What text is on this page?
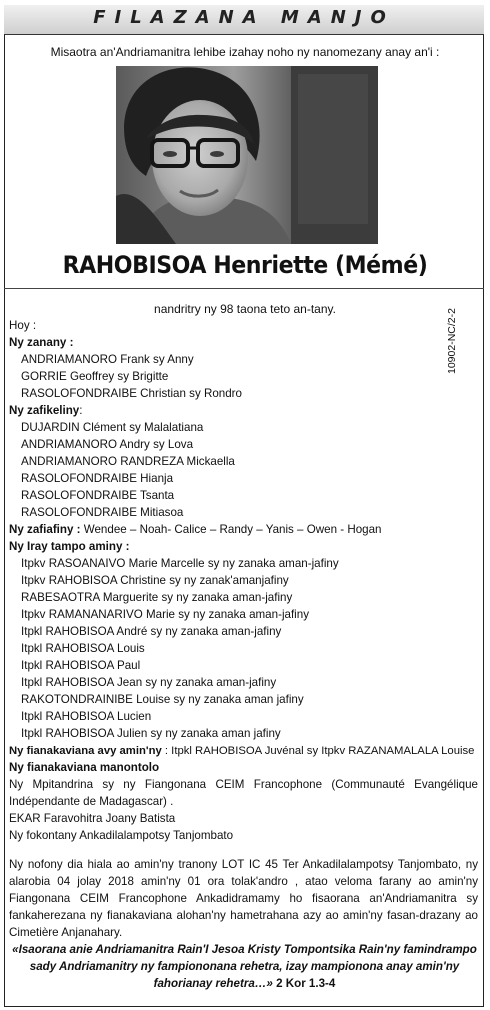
FILAZANA MANJO
Misaotra an'Andriamanitra lehibe izahay noho ny nanomezany anay an'i :
RAHOBISOA Henriette (Mémé)
nandritry ny 98 taona teto an-tany.	10902-NC/2-2
Hoy :
Ny zanany :
ANDRIAMANORO Frank sy Anny
GORRIE Geoffrey sy Brigitte
RASOLOFONDRAIBE Christian sy Rondro
Ny zafikeliny:
DUJARDIN Clément sy Malalatiana
ANDRIAMANORO Andry sy Lova
ANDRIAMANORO RANDREZA Mickaella
RASOLOFONDRAIBE Hianja
RASOLOFONDRAIBE Tsanta
RASOLOFONDRAIBE Mitiasoa
Ny zafiafiny : Wendee – Noah- Calice – Randy – Yanis – Owen - Hogan
Ny Iray tampo aminy :
Itpkv RASOANAIVO Marie Marcelle sy ny zanaka aman-jafiny
Itpkv RAHOBISOA Christine sy ny zanak'amanjafiny
RABESAOTRA Marguerite sy ny zanaka aman-jafiny
Itpkv RAMANANARIVO Marie sy ny zanaka aman-jafiny
Itpkl RAHOBISOA André sy ny zanaka aman-jafiny
Itpkl RAHOBISOA Louis
Itpkl RAHOBISOA Paul
Itpkl RAHOBISOA Jean sy ny zanaka aman-jafiny
RAKOTONDRAINIBE Louise sy ny zanaka aman jafiny
Itpkl RAHOBISOA Lucien
Itpkl RAHOBISOA Julien sy ny zanaka aman jafiny
Ny fianakaviana avy amin'ny : Itpkl RAHOBISOA Juvénal sy Itpkv RAZANAMALALA Louise
Ny fianakaviana manontolo
Ny Mpitandrina sy ny Fiangonana CEIM Francophone (Communauté Evangélique Indépendante de Madagascar) .
EKAR Faravohitra Joany Batista
Ny fokontany Ankadilalampotsy Tanjombato
Ny nofony dia hiala ao amin'ny tranony LOT IC 45 Ter Ankadilalampotsy Tanjombato, ny alarobia 04 jolay 2018 amin'ny 01 ora tolak'andro , atao veloma farany ao amin'ny Fiangonana CEIM Francophone Ankadidramamy ho fisaorana an'Andriamanitra sy fankaherezana ny fianakaviana alohan'ny hametrahana azy ao amin'ny fasan-drazany ao Cimetière Anjanahary.
«Isaorana anie Andriamanitra Rain'I Jesoa Kristy Tompontsika Rain'ny famindrampo sady Andriamanitry ny fampiononana rehetra, izay mampionona anay amin'ny fahorianay rehetra…» 2 Kor 1.3-4
